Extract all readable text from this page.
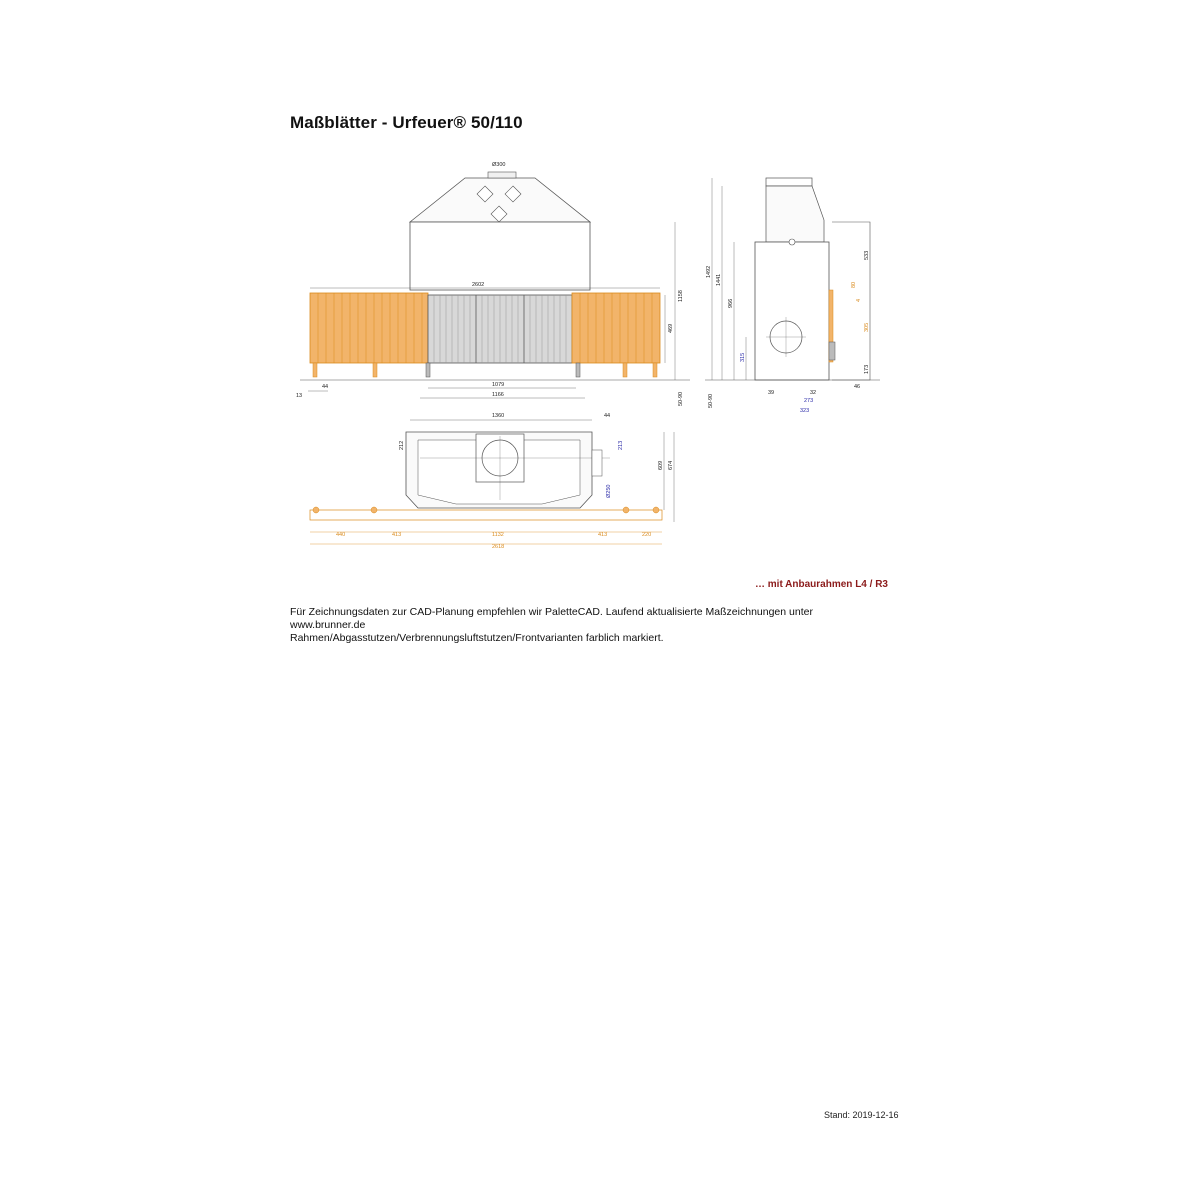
Maßblätter - Urfeuer® 50/110
Ø300
2602
1158
469
50-90
1079
1166
13
44
1492
1441
966
315
50-90
533
80
4
305
173
39	32
273
323
46
1360	44
212	213
Ø250
609 674
440	413	1132	413	220
2618
… mit Anbaurahmen L4 / R3
Für Zeichnungsdaten zur CAD-Planung empfehlen wir PaletteCAD. Laufend aktualisierte Maßzeichnungen unter
www.brunner.de
Rahmen/Abgasstutzen/Verbrennungsluftstutzen/Frontvarianten farblich markiert.
Stand: 2019-12-16
